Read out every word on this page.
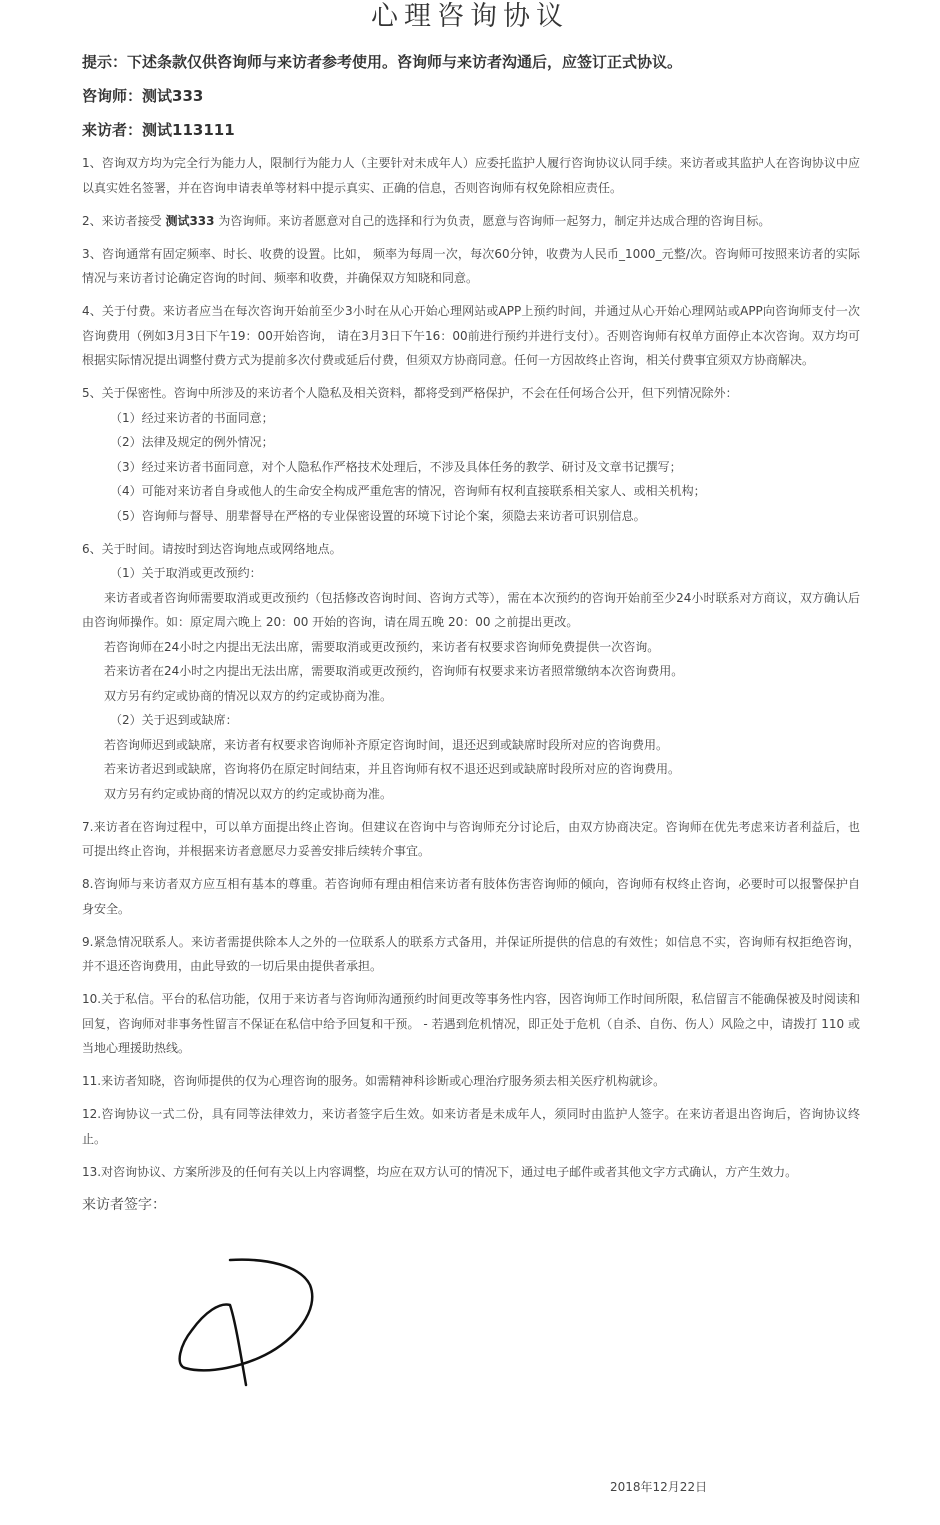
心理咨询协议

提示：下述条款仅供咨询师与来访者参考使用。咨询师与来访者沟通后，应签订正式协议。

咨询师：测试333

来访者：测试113111

1、咨询双方均为完全行为能力人，限制行为能力人（主要针对未成年人）应委托监护人履行咨询协议认同手续。来访者或其监护人在咨询协议中应以真实姓名签署，并在咨询申请表单等材料中提示真实、正确的信息，否则咨询师有权免除相应责任。

2、来访者接受 测试333 为咨询师。来访者愿意对自己的选择和行为负责，愿意与咨询师一起努力，制定并达成合理的咨询目标。

3、咨询通常有固定频率、时长、收费的设置。比如， 频率为每周一次，每次60分钟，收费为人民币_1000_元整/次。咨询师可按照来访者的实际情况与来访者讨论确定咨询的时间、频率和收费，并确保双方知晓和同意。

4、关于付费。来访者应当在每次咨询开始前至少3小时在从心开始心理网站或APP上预约时间，并通过从心开始心理网站或APP向咨询师支付一次咨询费用（例如3月3日下午19：00开始咨询， 请在3月3日下午16：00前进行预约并进行支付）。否则咨询师有权单方面停止本次咨询。双方均可根据实际情况提出调整付费方式为提前多次付费或延后付费，但须双方协商同意。任何一方因故终止咨询，相关付费事宜须双方协商解决。

5、关于保密性。咨询中所涉及的来访者个人隐私及相关资料，都将受到严格保护，不会在任何场合公开，但下列情况除外：
（1）经过来访者的书面同意；
（2）法律及规定的例外情况；
（3）经过来访者书面同意，对个人隐私作严格技术处理后，不涉及具体任务的教学、研讨及文章书记撰写；
（4）可能对来访者自身或他人的生命安全构成严重危害的情况，咨询师有权利直接联系相关家人、或相关机构；
（5）咨询师与督导、朋辈督导在严格的专业保密设置的环境下讨论个案，须隐去来访者可识别信息。
6、关于时间。请按时到达咨询地点或网络地点。
（1）关于取消或更改预约：
来访者或者咨询师需要取消或更改预约（包括修改咨询时间、咨询方式等），需在本次预约的咨询开始前至少24小时联系对方商议，双方确认后由咨询师操作。如：原定周六晚上 20：00 开始的咨询，请在周五晚 20：00 之前提出更改。
若咨询师在24小时之内提出无法出席，需要取消或更改预约，来访者有权要求咨询师免费提供一次咨询。
若来访者在24小时之内提出无法出席，需要取消或更改预约，咨询师有权要求来访者照常缴纳本次咨询费用。
双方另有约定或协商的情况以双方的约定或协商为准。
（2）关于迟到或缺席：
若咨询师迟到或缺席，来访者有权要求咨询师补齐原定咨询时间，退还迟到或缺席时段所对应的咨询费用。
若来访者迟到或缺席，咨询将仍在原定时间结束，并且咨询师有权不退还迟到或缺席时段所对应的咨询费用。
双方另有约定或协商的情况以双方的约定或协商为准。

7.来访者在咨询过程中，可以单方面提出终止咨询。但建议在咨询中与咨询师充分讨论后，由双方协商决定。咨询师在优先考虑来访者利益后，也可提出终止咨询，并根据来访者意愿尽力妥善安排后续转介事宜。

8.咨询师与来访者双方应互相有基本的尊重。若咨询师有理由相信来访者有肢体伤害咨询师的倾向，咨询师有权终止咨询，必要时可以报警保护自身安全。

9.紧急情况联系人。来访者需提供除本人之外的一位联系人的联系方式备用，并保证所提供的信息的有效性；如信息不实，咨询师有权拒绝咨询，并不退还咨询费用，由此导致的一切后果由提供者承担。

10.关于私信。平台的私信功能，仅用于来访者与咨询师沟通预约时间更改等事务性内容，因咨询师工作时间所限，私信留言不能确保被及时阅读和回复，咨询师对非事务性留言不保证在私信中给予回复和干预。 - 若遇到危机情况，即正处于危机（自杀、自伤、伤人）风险之中，请拨打 110 或当地心理援助热线。

11.来访者知晓，咨询师提供的仅为心理咨询的服务。如需精神科诊断或心理治疗服务须去相关医疗机构就诊。

12.咨询协议一式二份，具有同等法律效力，来访者签字后生效。如来访者是未成年人，须同时由监护人签字。在来访者退出咨询后，咨询协议终止。

13.对咨询协议、方案所涉及的任何有关以上内容调整，均应在双方认可的情况下，通过电子邮件或者其他文字方式确认，方产生效力。

来访者签字：
2018年12月22日
